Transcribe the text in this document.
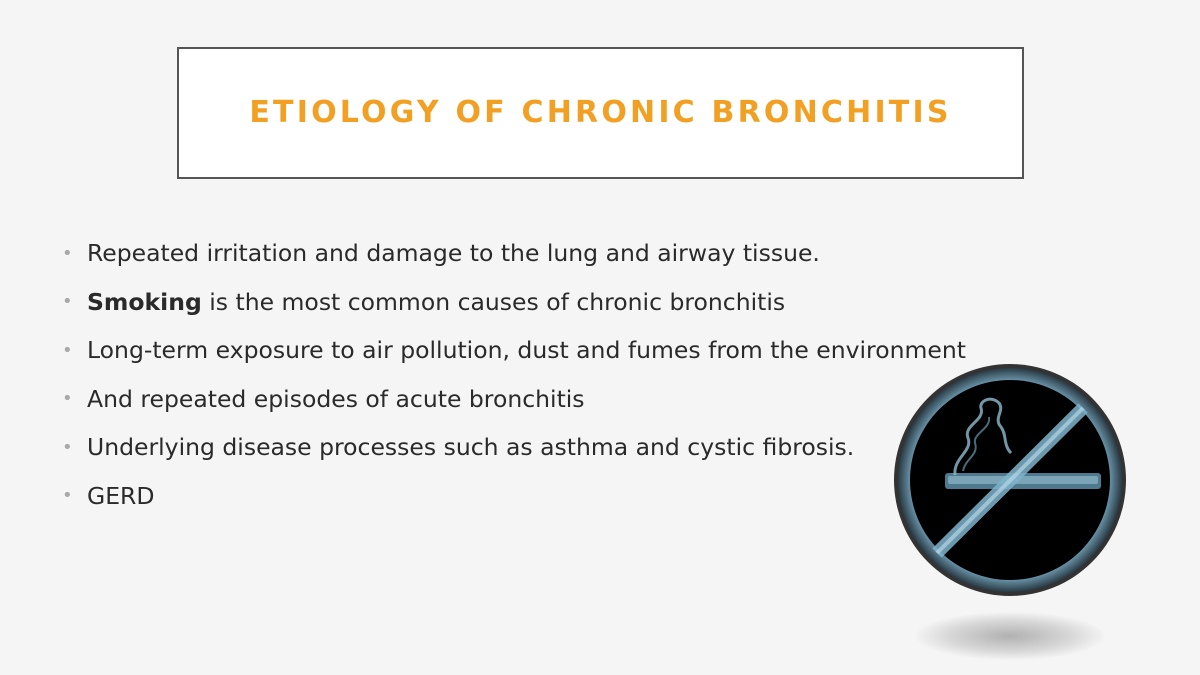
ETIOLOGY OF CHRONIC BRONCHITIS
• Repeated irritation and damage to the lung and airway tissue.
• Smoking is the most common causes of chronic bronchitis
• Long-term exposure to air pollution, dust and fumes from the environment
• And repeated episodes of acute bronchitis
• Underlying disease processes such as asthma and cystic fibrosis.
• GERD
